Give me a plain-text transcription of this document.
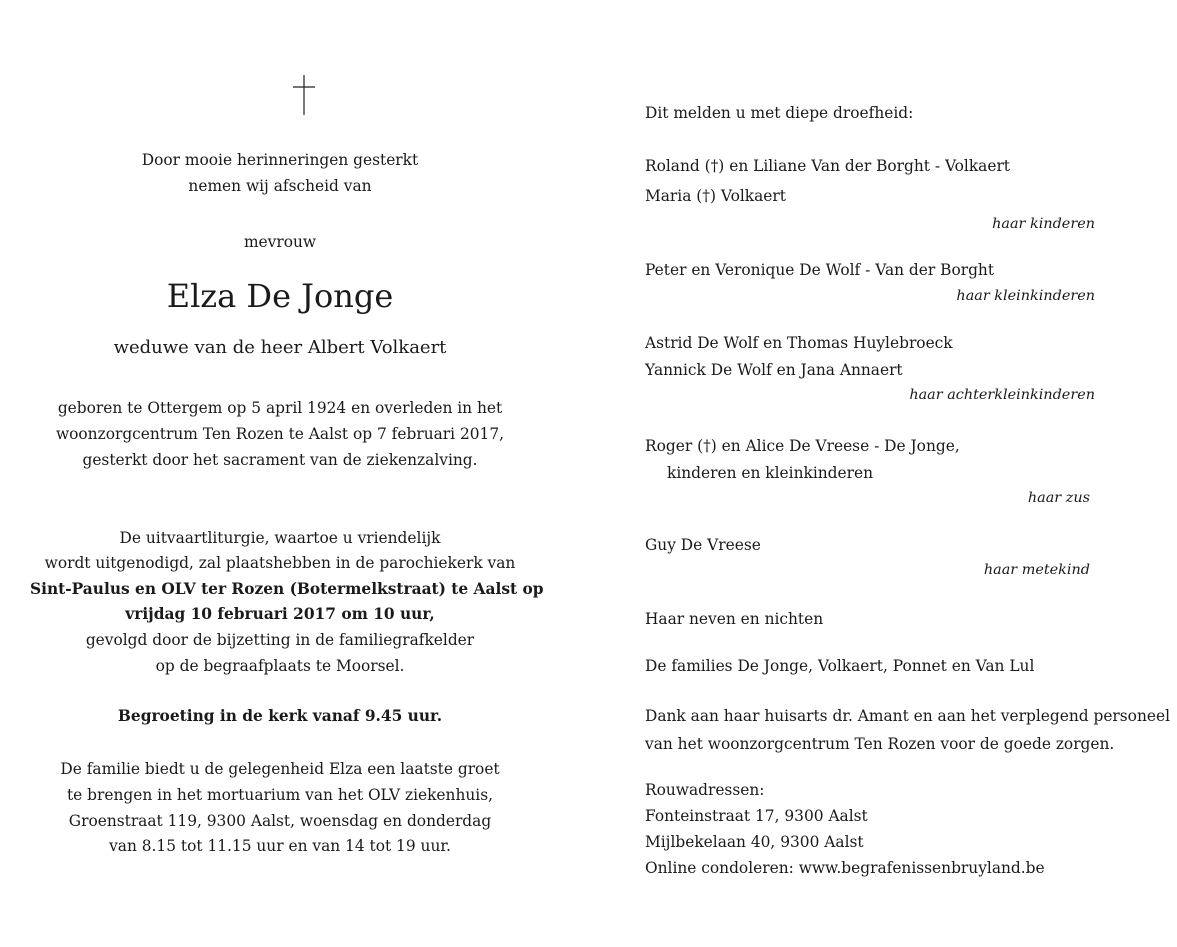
Door mooie herinneringen gesterkt
nemen wij afscheid van
mevrouw
Elza De Jonge
weduwe van de heer Albert Volkaert
geboren te Ottergem op 5 april 1924 en overleden in het
woonzorgcentrum Ten Rozen te Aalst op 7 februari 2017,
gesterkt door het sacrament van de ziekenzalving.
De uitvaartliturgie, waartoe u vriendelijk
wordt uitgenodigd, zal plaatshebben in de parochiekerk van
Sint-Paulus en OLV ter Rozen (Botermelkstraat) te Aalst op
vrijdag 10 februari 2017 om 10 uur,
gevolgd door de bijzetting in de familiegrafkelder
op de begraafplaats te Moorsel.
Begroeting in de kerk vanaf 9.45 uur.
De familie biedt u de gelegenheid Elza een laatste groet
te brengen in het mortuarium van het OLV ziekenhuis,
Groenstraat 119, 9300 Aalst, woensdag en donderdag
van 8.15 tot 11.15 uur en van 14 tot 19 uur.
Dit melden u met diepe droefheid:
Roland (†) en Liliane Van der Borght - Volkaert
Maria (†) Volkaert
haar kinderen
Peter en Veronique De Wolf - Van der Borght
haar kleinkinderen
Astrid De Wolf en Thomas Huylebroeck
Yannick De Wolf en Jana Annaert
haar achterkleinkinderen
Roger (†) en Alice De Vreese - De Jonge,
kinderen en kleinkinderen
haar zus
Guy De Vreese
haar metekind
Haar neven en nichten
De families De Jonge, Volkaert, Ponnet en Van Lul
Dank aan haar huisarts dr. Amant en aan het verplegend personeel
van het woonzorgcentrum Ten Rozen voor de goede zorgen.
Rouwadressen:
Fonteinstraat 17, 9300 Aalst
Mijlbekelaan 40, 9300 Aalst
Online condoleren: www.begrafenissenbruyland.be
